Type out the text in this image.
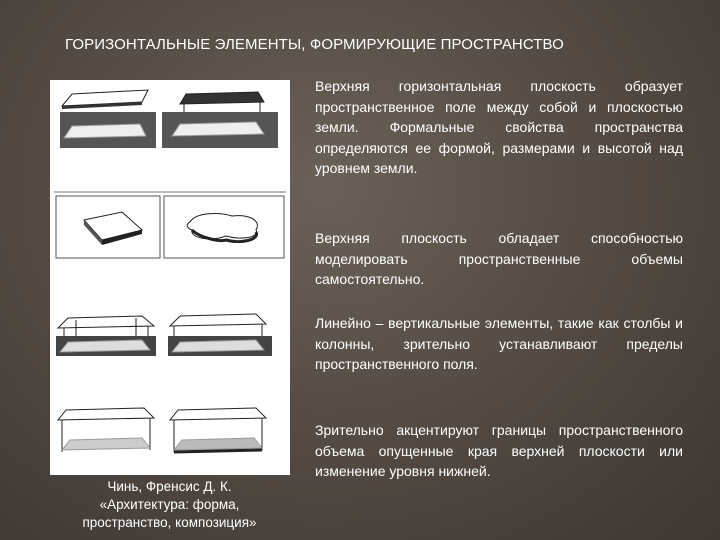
ГОРИЗОНТАЛЬНЫЕ ЭЛЕМЕНТЫ, ФОРМИРУЮЩИЕ ПРОСТРАНСТВО
Чинь, Френсис Д. К.
«Архитектура: форма,
пространство, композиция»
Верхняя горизонтальная плоскость образует пространственное поле между собой и плоскостью земли. Формальные свойства пространства определяются ее формой, размерами и высотой над уровнем земли.
Верхняя плоскость обладает способностью моделировать пространственные объемы самостоятельно.
Линейно – вертикальные элементы, такие как столбы и колонны, зрительно устанавливают пределы пространственного поля.
Зрительно акцентируют границы пространственного объема опущенные края верхней плоскости или изменение уровня нижней.
